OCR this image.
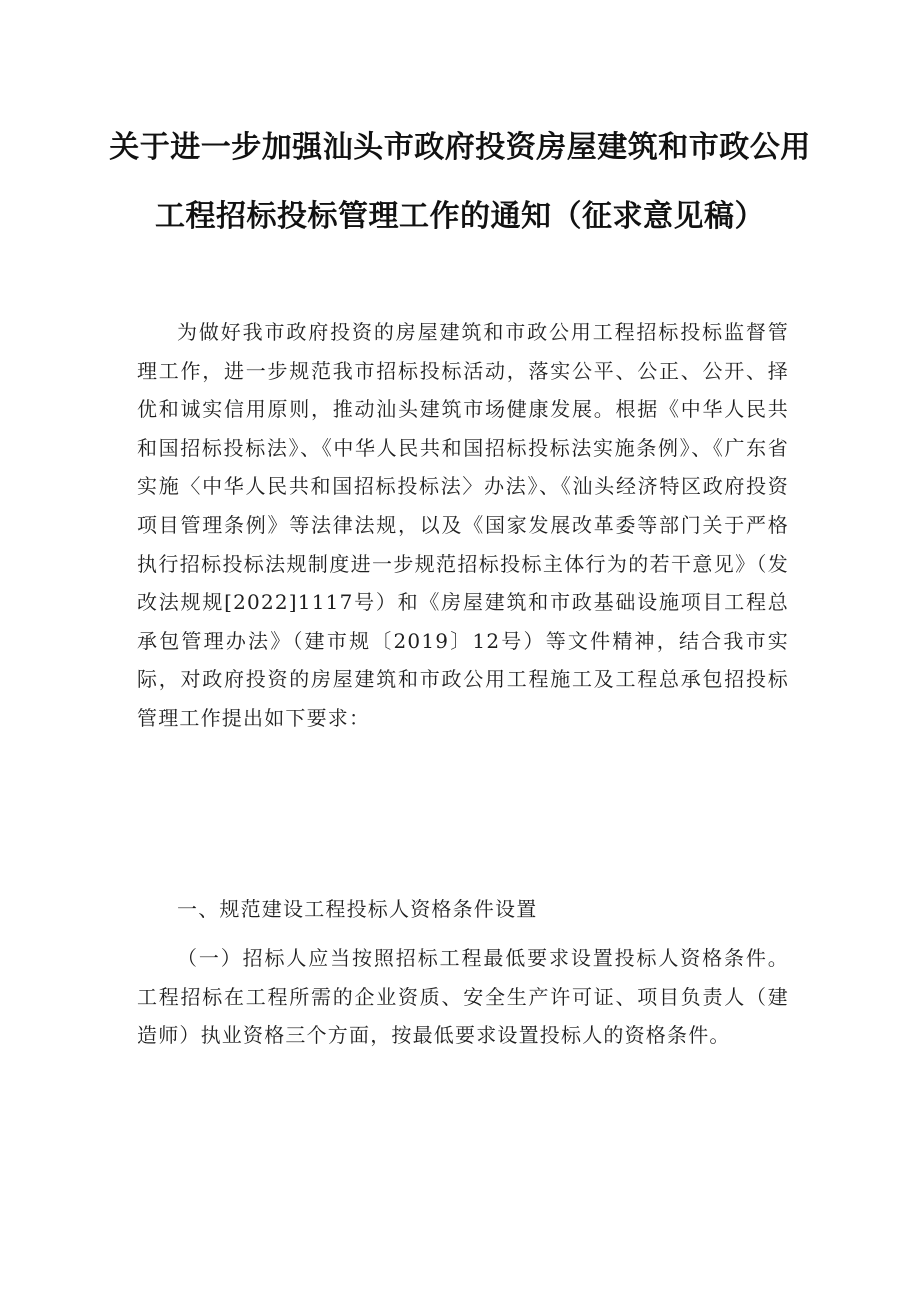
关于进一步加强汕头市政府投资房屋建筑和市政公用
工程招标投标管理工作的通知（征求意见稿）

为做好我市政府投资的房屋建筑和市政公用工程招标投标监督管理工作，进一步规范我市招标投标活动，落实公平、公正、公开、择优和诚实信用原则，推动汕头建筑市场健康发展。根据《中华人民共和国招标投标法》、《中华人民共和国招标投标法实施条例》、《广东省实施〈中华人民共和国招标投标法〉办法》、《汕头经济特区政府投资项目管理条例》等法律法规，以及《国家发展改革委等部门关于严格执行招标投标法规制度进一步规范招标投标主体行为的若干意见》（发改法规规[2022]1117号）和《房屋建筑和市政基础设施项目工程总承包管理办法》（建市规〔2019〕12号）等文件精神，结合我市实际，对政府投资的房屋建筑和市政公用工程施工及工程总承包招投标管理工作提出如下要求：

一、规范建设工程投标人资格条件设置

（一）招标人应当按照招标工程最低要求设置投标人资格条件。工程招标在工程所需的企业资质、安全生产许可证、项目负责人（建造师）执业资格三个方面，按最低要求设置投标人的资格条件。
